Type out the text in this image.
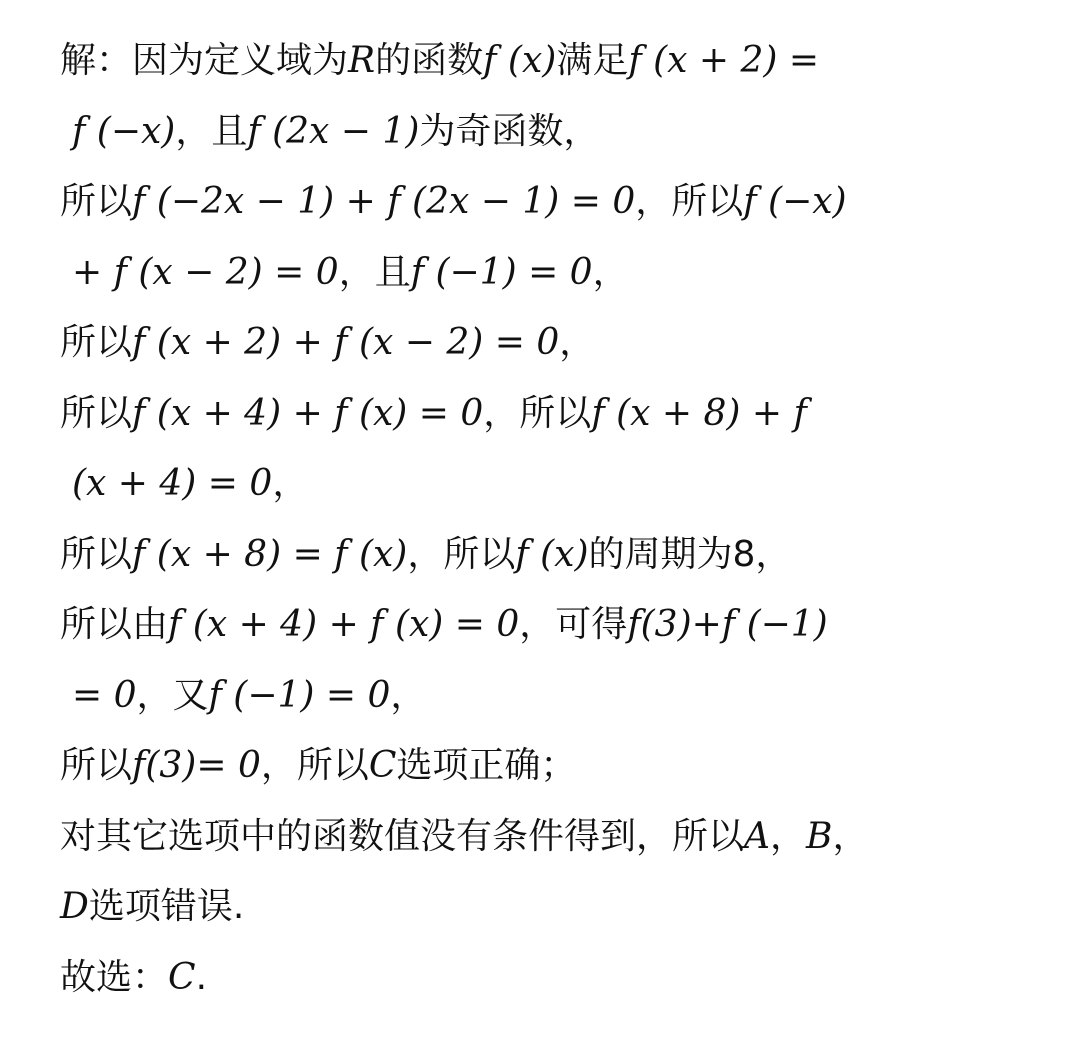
解：因为定义域为R的函数f (x)满足f (x + 2) =
f (−x)，且f (2x − 1)为奇函数，
所以f (−2x − 1) + f (2x − 1) = 0，所以f (−x)
+ f (x − 2) = 0，且f (−1) = 0，
所以f (x + 2) + f (x − 2) = 0，
所以f (x + 4) + f (x) = 0，所以f (x + 8) + f
(x + 4) = 0，
所以f (x + 8) = f (x)，所以f (x)的周期为8，
所以由f (x + 4) + f (x) = 0，可得f(3)+f (−1)
= 0，又f (−1) = 0，
所以f(3)= 0，所以C选项正确；
对其它选项中的函数值没有条件得到，所以A，B，
D选项错误.
故选：C.
